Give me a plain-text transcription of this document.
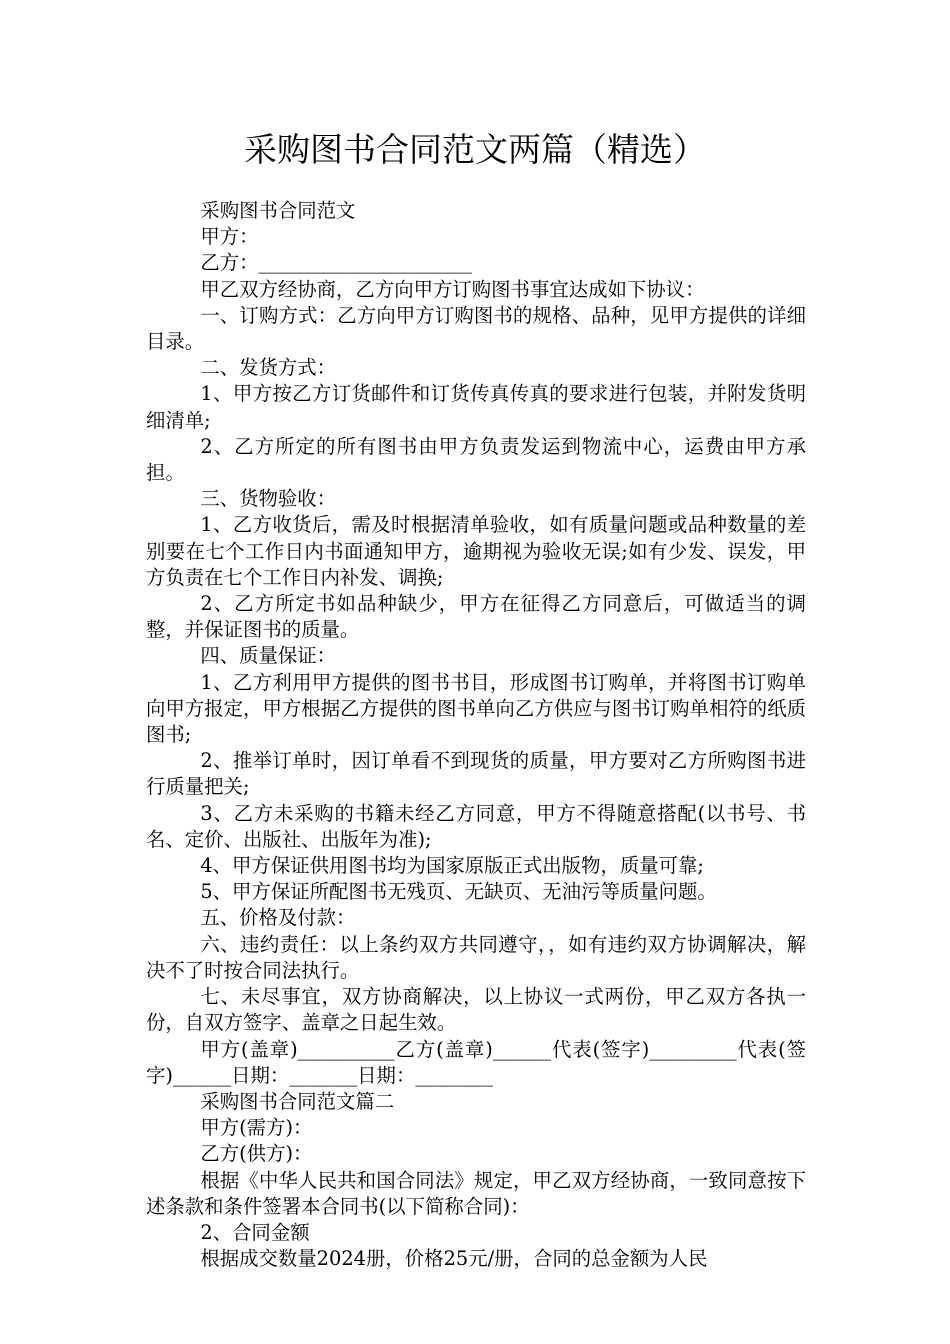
采购图书合同范文两篇（精选）

采购图书合同范文

甲方：

乙方：______________________

甲乙双方经协商，乙方向甲方订购图书事宜达成如下协议：

一、订购方式：乙方向甲方订购图书的规格、品种，见甲方提供的详细目录。

二、发货方式：

1、甲方按乙方订货邮件和订货传真传真的要求进行包装，并附发货明细清单;

2、乙方所定的所有图书由甲方负责发运到物流中心，运费由甲方承担。

三、货物验收：

1、乙方收货后，需及时根据清单验收，如有质量问题或品种数量的差别要在七个工作日内书面通知甲方，逾期视为验收无误;如有少发、误发，甲方负责在七个工作日内补发、调换;

2、乙方所定书如品种缺少，甲方在征得乙方同意后，可做适当的调整，并保证图书的质量。

四、质量保证：

1、乙方利用甲方提供的图书书目，形成图书订购单，并将图书订购单向甲方报定，甲方根据乙方提供的图书单向乙方供应与图书订购单相符的纸质图书;

2、推举订单时，因订单看不到现货的质量，甲方要对乙方所购图书进行质量把关;

3、乙方未采购的书籍未经乙方同意，甲方不得随意搭配(以书号、书名、定价、出版社、出版年为准);

4、甲方保证供用图书均为国家原版正式出版物，质量可靠;

5、甲方保证所配图书无残页、无缺页、无油污等质量问题。

五、价格及付款：

六、违约责任：以上条约双方共同遵守，，如有违约双方协调解决，解决不了时按合同法执行。

七、未尽事宜，双方协商解决，以上协议一式两份，甲乙双方各执一份，自双方签字、盖章之日起生效。

甲方(盖章)__________乙方(盖章)______代表(签字)_________代表(签字)______日期：_______日期：________

采购图书合同范文篇二

甲方(需方)：

乙方(供方)：

根据《中华人民共和国合同法》规定，甲乙双方经协商，一致同意按下述条款和条件签署本合同书(以下简称合同)：

2、合同金额

根据成交数量2024册，价格25元/册，合同的总金额为人民
